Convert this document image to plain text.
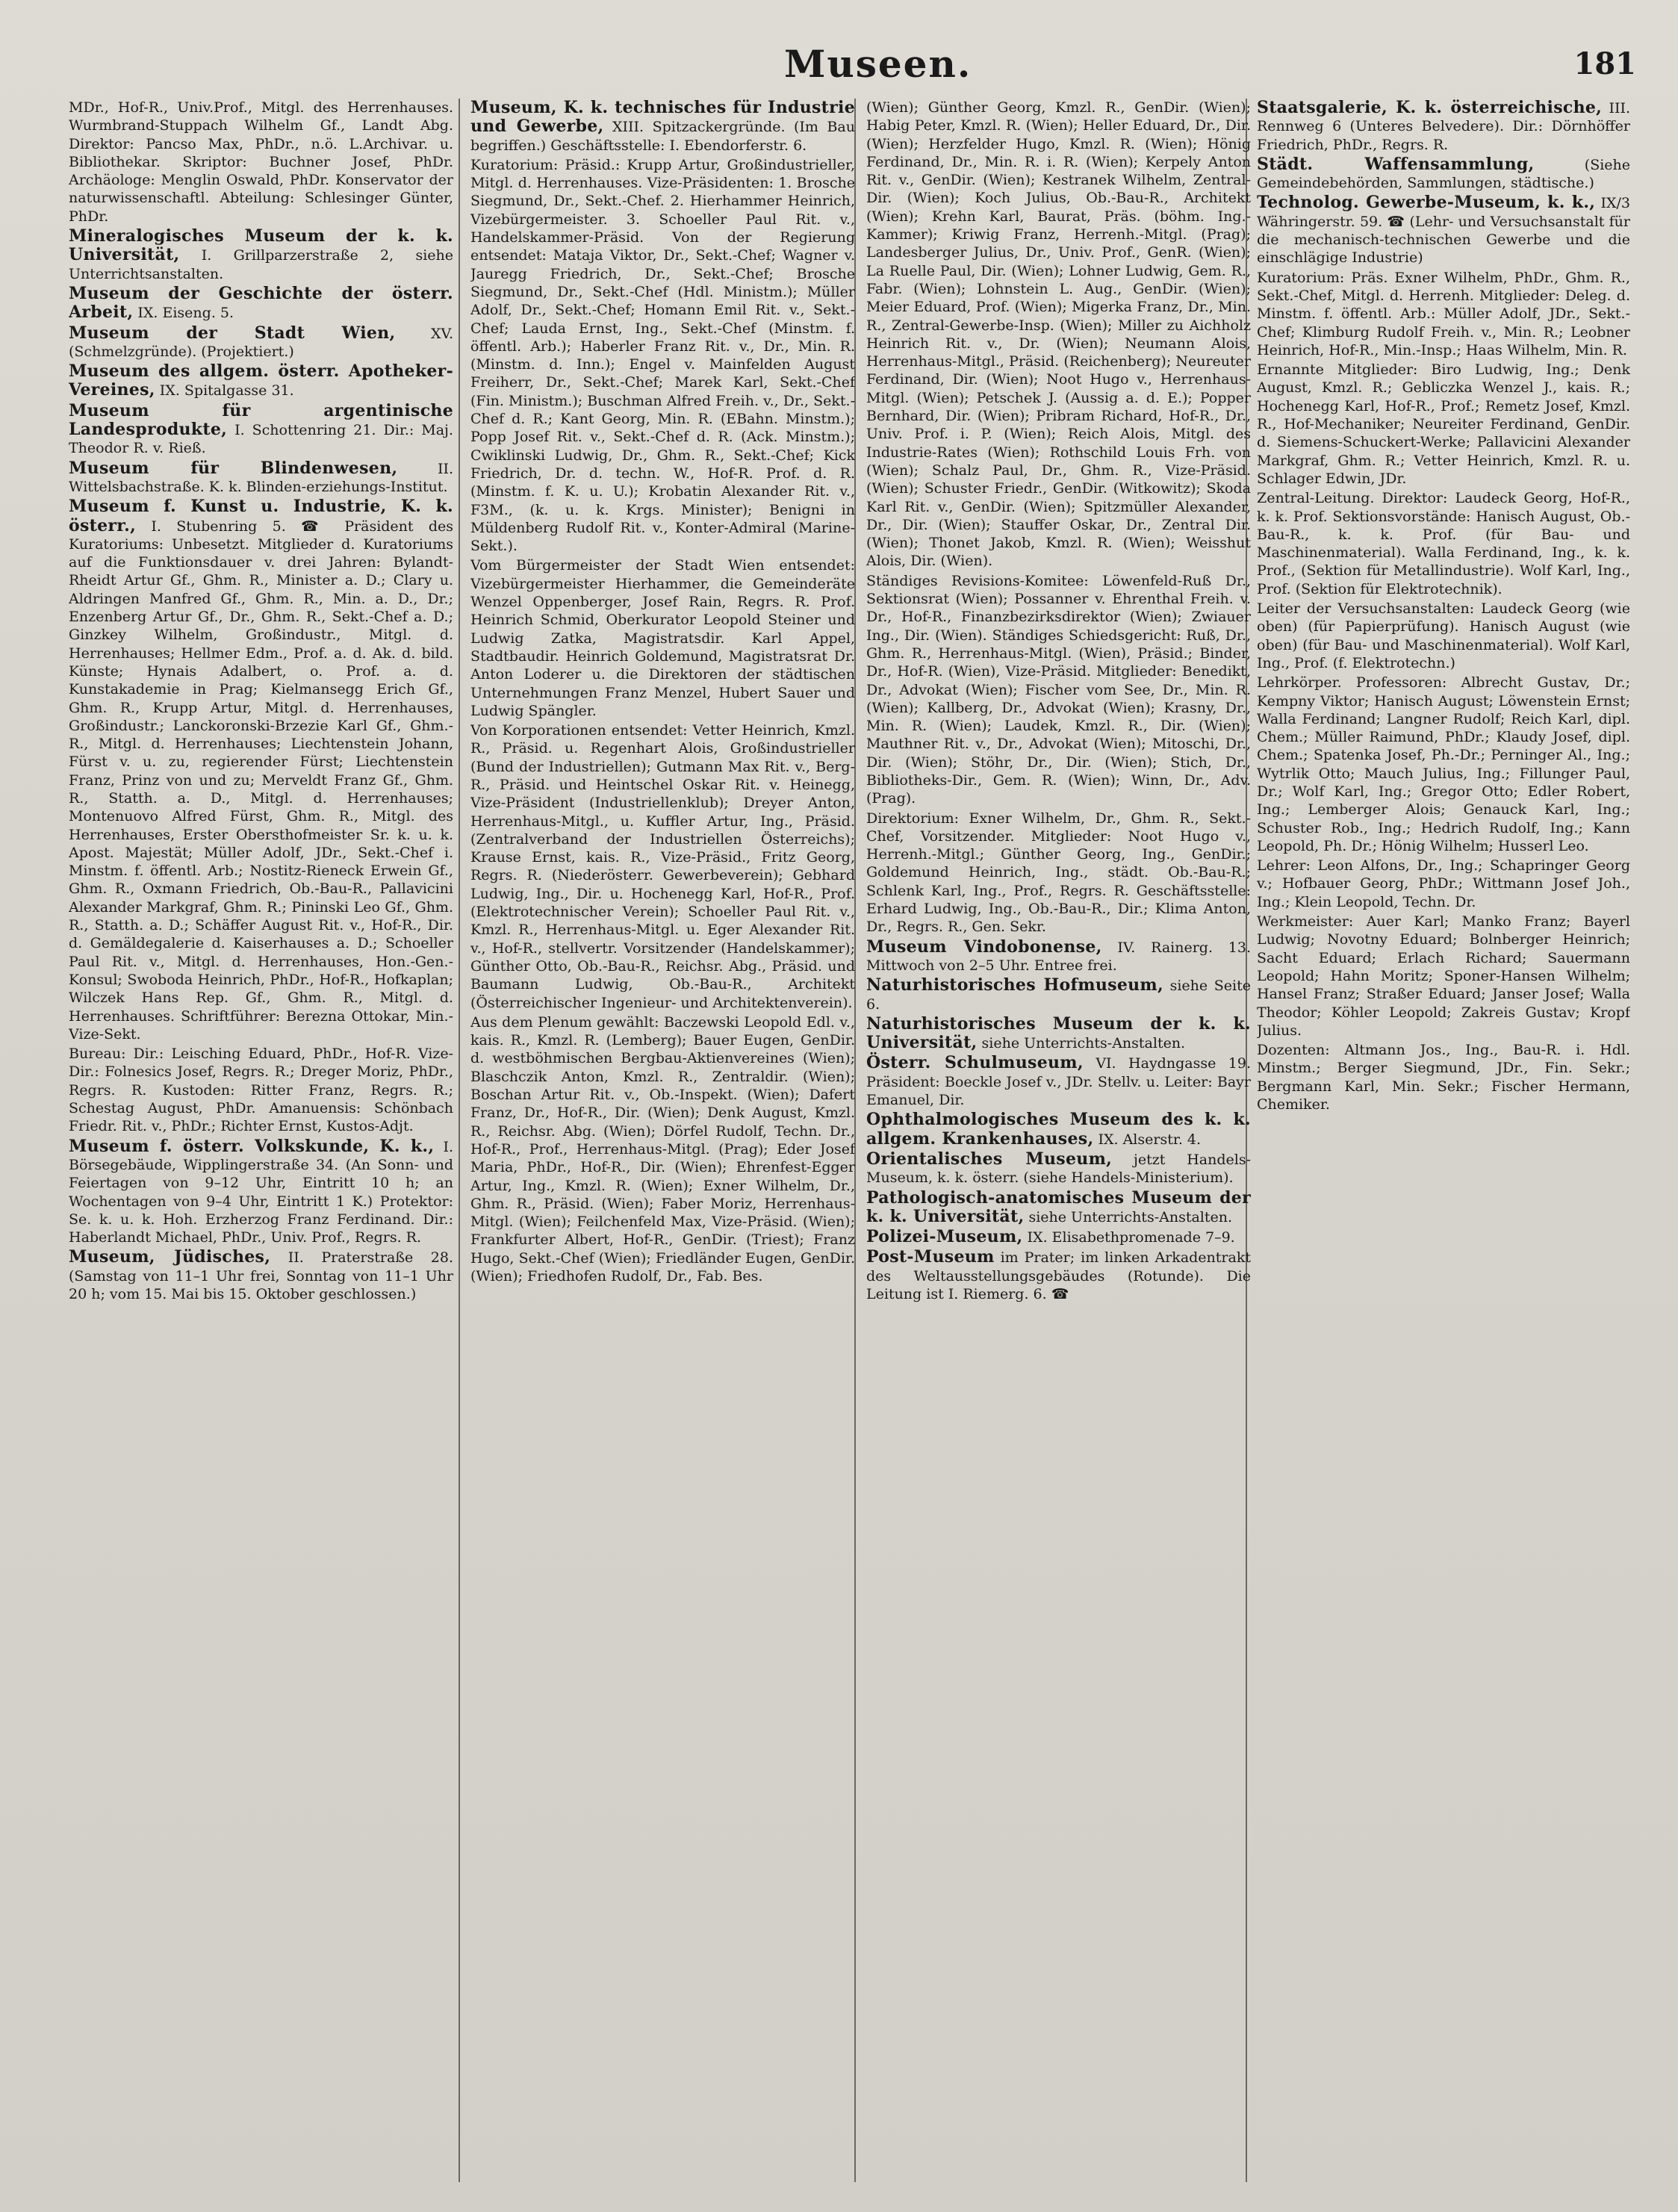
Museen.	181

MDr., Hof-R., Univ.Prof., Mitgl. des Herrenhauses. Wurmbrand-Stuppach Wilhelm Gf., Landt Abg. Direktor: Pancso Max, PhDr., n.ö. L.Archivar. u. Bibliothekar. Skriptor: Buchner Josef, PhDr. Archäologe: Menglin Oswald, PhDr. Konservator der naturwissenschaftl. Abteilung: Schlesinger Günter, PhDr.

Mineralogisches Museum der k. k. Universität, I. Grillparzerstraße 2, siehe Unterrichtsanstalten.

Museum der Geschichte der österr. Arbeit, IX. Eiseng. 5.

Museum der Stadt Wien,	XV. (Schmelzgründe). (Projektiert.)

Museum des allgem. österr. Apotheker-Vereines, IX. Spitalgasse 31.

Museum für argentinische Landesprodukte, I. Schottenring 21. Dir.: Maj. Theodor R. v. Rieß.

Museum für Blindenwesen,	II. Wittelsbachstraße. K. k. Blinden-erziehungs-Institut.

Museum f. Kunst u. Industrie, K. k. österr., I. Stubenring 5. ☎ Präsident des Kuratoriums: Unbesetzt. Mitglieder d. Kuratoriums auf die Funktionsdauer v. drei Jahren: Bylandt-Rheidt Artur Gf., Ghm. R., Minister a. D.; Clary u. Aldringen Manfred Gf., Ghm. R., Min. a. D., Dr.; Enzenberg Artur Gf., Dr., Ghm. R., Sekt.-Chef a. D.; Ginzkey Wilhelm, Großindustr., Mitgl. d. Herrenhauses; Hellmer Edm., Prof. a. d. Ak. d. bild. Künste; Hynais Adalbert, o. Prof. a. d. Kunstakademie in Prag; Kielmansegg Erich Gf., Ghm. R., Krupp Artur, Mitgl. d. Herrenhauses, Großindustr.; Lanckoronski-Brzezie Karl Gf., Ghm.-R., Mitgl. d. Herrenhauses; Liechtenstein Johann, Fürst v. u. zu, regierender Fürst; Liechtenstein Franz, Prinz von und zu; Merveldt Franz Gf., Ghm. R., Statth. a. D., Mitgl. d. Herrenhauses; Montenuovo Alfred Fürst, Ghm. R., Mitgl. des Herrenhauses, Erster Obersthofmeister Sr. k. u. k. Apost. Majestät; Müller Adolf, JDr., Sekt.-Chef i. Minstm. f. öffentl. Arb.; Nostitz-Rieneck Erwein Gf., Ghm. R., Oxmann Friedrich, Ob.-Bau-R., Pallavicini Alexander Markgraf, Ghm. R.; Pininski Leo Gf., Ghm. R., Statth. a. D.; Schäffer August Rit. v., Hof-R., Dir. d. Gemäldegalerie d. Kaiserhauses a. D.; Schoeller Paul Rit. v., Mitgl. d. Herrenhauses, Hon.-Gen.-Konsul; Swoboda Heinrich, PhDr., Hof-R., Hofkaplan; Wilczek Hans Rep. Gf., Ghm. R., Mitgl. d. Herrenhauses. Schriftführer: Berezna Ottokar, Min.-Vize-Sekt.

Bureau: Dir.: Leisching Eduard, PhDr., Hof-R. Vize-Dir.: Folnesics Josef, Regrs. R.; Dreger Moriz, PhDr., Regrs. R. Kustoden: Ritter Franz, Regrs. R.; Schestag August, PhDr. Amanuensis: Schönbach Friedr. Rit. v., PhDr.; Richter Ernst, Kustos-Adjt.

Museum f. österr. Volkskunde, K. k., I. Börsegebäude, Wipplingerstraße 34. (An Sonn- und Feiertagen von 9–12 Uhr, Eintritt 10 h; an Wochentagen von 9–4 Uhr, Eintritt 1 K.) Protektor: Se. k. u. k. Hoh. Erzherzog Franz Ferdinand. Dir.: Haberlandt Michael, PhDr., Univ. Prof., Regrs. R.

Museum, Jüdisches, II. Praterstraße 28. (Samstag von 11–1 Uhr frei, Sonntag von 11–1 Uhr 20 h; vom 15. Mai bis 15. Oktober geschlossen.)

Museum, K. k. technisches für Industrie und Gewerbe, XIII. Spitzackergründe. (Im Bau begriffen.) Geschäftsstelle: I. Ebendorferstr. 6.

Kuratorium: Präsid.: Krupp Artur, Großindustrieller, Mitgl. d. Herrenhauses. Vize-Präsidenten: 1. Brosche Siegmund, Dr., Sekt.-Chef. 2. Hierhammer Heinrich, Vizebürgermeister. 3. Schoeller Paul Rit. v., Handelskammer-Präsid. Von der Regierung entsendet: Mataja Viktor, Dr., Sekt.-Chef; Wagner v. Jauregg Friedrich, Dr., Sekt.-Chef; Brosche Siegmund, Dr., Sekt.-Chef (Hdl. Ministm.); Müller Adolf, Dr., Sekt.-Chef; Homann Emil Rit. v., Sekt.-Chef; Lauda Ernst, Ing., Sekt.-Chef (Minstm. f. öffentl. Arb.); Haberler Franz Rit. v., Dr., Min. R. (Minstm. d. Inn.); Engel v. Mainfelden August Freiherr, Dr., Sekt.-Chef; Marek Karl, Sekt.-Chef (Fin. Ministm.); Buschman Alfred Freih. v., Dr., Sekt.-Chef d. R.; Kant Georg, Min. R. (EBahn. Minstm.); Popp Josef Rit. v., Sekt.-Chef d. R. (Ack. Minstm.); Cwiklinski Ludwig, Dr., Ghm. R., Sekt.-Chef; Kick Friedrich, Dr. d. techn. W., Hof-R. Prof. d. R. (Minstm. f. K. u. U.); Krobatin Alexander Rit. v., F3M., (k. u. k. Krgs. Minister); Benigni in Müldenberg Rudolf Rit. v., Konter-Admiral (Marine-Sekt.).

Vom Bürgermeister der Stadt Wien entsendet: Vizebürgermeister Hierhammer, die Gemeinderäte Wenzel Oppenberger, Josef Rain, Regrs. R. Prof. Heinrich Schmid, Oberkurator Leopold Steiner und Ludwig Zatka, Magistratsdir. Karl Appel, Stadtbaudir. Heinrich Goldemund, Magistratsrat Dr. Anton Loderer u. die Direktoren der städtischen Unternehmungen Franz Menzel, Hubert Sauer und Ludwig Spängler.

Von Korporationen entsendet: Vetter Heinrich, Kmzl. R., Präsid. u. Regenhart Alois, Großindustrieller (Bund der Industriellen); Gutmann Max Rit. v., Berg-R., Präsid. und Heintschel Oskar Rit. v. Heinegg, Vize-Präsident (Industriellenklub); Dreyer Anton, Herrenhaus-Mitgl., u. Kuffler Artur, Ing., Präsid. (Zentralverband der Industriellen Österreichs); Krause Ernst, kais. R., Vize-Präsid., Fritz Georg, Regrs. R. (Niederösterr. Gewerbeverein); Gebhard Ludwig, Ing., Dir. u. Hochenegg Karl, Hof-R., Prof. (Elektrotechnischer Verein); Schoeller Paul Rit. v., Kmzl. R., Herrenhaus-Mitgl. u. Eger Alexander Rit. v., Hof-R., stellvertr. Vorsitzender (Handelskammer); Günther Otto, Ob.-Bau-R., Reichsr. Abg., Präsid. und Baumann Ludwig, Ob.-Bau-R., Architekt (Österreichischer Ingenieur- und Architektenverein).

Aus dem Plenum gewählt: Baczewski Leopold Edl. v., kais. R., Kmzl. R. (Lemberg); Bauer Eugen, GenDir. d. westböhmischen Bergbau-Aktienvereines (Wien); Blaschczik Anton, Kmzl. R., Zentraldir. (Wien); Boschan Artur Rit. v., Ob.-Inspekt. (Wien); Dafert Franz, Dr., Hof-R., Dir. (Wien); Denk August, Kmzl. R., Reichsr. Abg. (Wien); Dörfel Rudolf, Techn. Dr., Hof-R., Prof., Herrenhaus-Mitgl. (Prag); Eder Josef Maria, PhDr., Hof-R., Dir. (Wien); Ehrenfest-Egger Artur, Ing., Kmzl. R. (Wien); Exner Wilhelm, Dr., Ghm. R., Präsid. (Wien); Faber Moriz, Herrenhaus-Mitgl. (Wien); Feilchenfeld Max, Vize-Präsid. (Wien); Frankfurter Albert, Hof-R., GenDir. (Triest); Franz Hugo, Sekt.-Chef (Wien); Friedländer Eugen, GenDir. (Wien); Friedhofen Rudolf, Dr., Fab. Bes.

(Wien); Günther Georg, Kmzl. R., GenDir. (Wien); Habig Peter, Kmzl. R. (Wien); Heller Eduard, Dr., Dir. (Wien); Herzfelder Hugo, Kmzl. R. (Wien); Hönig Ferdinand, Dr., Min. R. i. R. (Wien); Kerpely Anton Rit. v., GenDir. (Wien); Kestranek Wilhelm, Zentral-Dir. (Wien); Koch Julius, Ob.-Bau-R., Architekt (Wien); Krehn Karl, Baurat, Präs. (böhm. Ing.-Kammer); Kriwig Franz, Herrenh.-Mitgl. (Prag); Landesberger Julius, Dr., Univ. Prof., GenR. (Wien); La Ruelle Paul, Dir. (Wien); Lohner Ludwig, Gem. R., Fabr. (Wien); Lohnstein L. Aug., GenDir. (Wien); Meier Eduard, Prof. (Wien); Migerka Franz, Dr., Min. R., Zentral-Gewerbe-Insp. (Wien); Miller zu Aichholz Heinrich Rit. v., Dr. (Wien); Neumann Alois, Herrenhaus-Mitgl., Präsid. (Reichenberg); Neureuter Ferdinand, Dir. (Wien); Noot Hugo v., Herrenhaus-Mitgl. (Wien); Petschek J. (Aussig a. d. E.); Popper Bernhard, Dir. (Wien); Pribram Richard, Hof-R., Dr., Univ. Prof. i. P. (Wien); Reich Alois, Mitgl. des Industrie-Rates (Wien); Rothschild Louis Frh. von (Wien); Schalz Paul, Dr., Ghm. R., Vize-Präsid. (Wien); Schuster Friedr., GenDir. (Witkowitz); Skoda Karl Rit. v., GenDir. (Wien); Spitzmüller Alexander, Dr., Dir. (Wien); Stauffer Oskar, Dr., Zentral Dir. (Wien); Thonet Jakob, Kmzl. R. (Wien); Weisshut Alois, Dir. (Wien).

Ständiges Revisions-Komitee: Löwenfeld-Ruß Dr., Sektionsrat (Wien); Possanner v. Ehrenthal Freih. v. Dr., Hof-R., Finanzbezirksdirektor (Wien); Zwiauer Ing., Dir. (Wien). Ständiges Schiedsgericht: Ruß, Dr., Ghm. R., Herrenhaus-Mitgl. (Wien), Präsid.; Binder, Dr., Hof-R. (Wien), Vize-Präsid. Mitglieder: Benedikt, Dr., Advokat (Wien); Fischer vom See, Dr., Min. R. (Wien); Kallberg, Dr., Advokat (Wien); Krasny, Dr., Min. R. (Wien); Laudek, Kmzl. R., Dir. (Wien); Mauthner Rit. v., Dr., Advokat (Wien); Mitoschi, Dr., Dir. (Wien); Stöhr, Dr., Dir. (Wien); Stich, Dr., Bibliotheks-Dir., Gem. R. (Wien); Winn, Dr., Adv. (Prag).

Direktorium: Exner Wilhelm, Dr., Ghm. R., Sekt.-Chef, Vorsitzender. Mitglieder: Noot Hugo v., Herrenh.-Mitgl.; Günther Georg, Ing., GenDir.; Goldemund Heinrich, Ing., städt. Ob.-Bau-R.; Schlenk Karl, Ing., Prof., Regrs. R. Geschäftsstelle: Erhard Ludwig, Ing., Ob.-Bau-R., Dir.; Klima Anton, Dr., Regrs. R., Gen. Sekr.

Museum Vindobonense, IV. Rainerg. 13. Mittwoch von 2–5 Uhr. Entree frei.

Naturhistorisches Hofmuseum, siehe Seite 6.

Naturhistorisches Museum der k. k. Universität, siehe Unterrichts-Anstalten.

Österr. Schulmuseum, VI. Haydngasse 19. Präsident: Boeckle Josef v., JDr. Stellv. u. Leiter: Bayr Emanuel, Dir.

Ophthalmologisches Museum des k. k. allgem. Krankenhauses, IX. Alserstr. 4.

Orientalisches Museum, jetzt Handels-Museum, k. k. österr. (siehe Handels-Ministerium).

Pathologisch-anatomisches Museum der k. k. Universität, siehe Unterrichts-Anstalten.

Polizei-Museum, IX. Elisabethpromenade 7–9.

Post-Museum im Prater; im linken Arkadentrakt des Weltausstellungsgebäudes (Rotunde). Die Leitung ist I. Riemerg. 6. ☎

Staatsgalerie, K. k. österreichische, III. Rennweg 6 (Unteres Belvedere). Dir.: Dörnhöffer Friedrich, PhDr., Regrs. R.

Städt. Waffensammlung,	(Siehe Gemeindebehörden, Sammlungen, städtische.)

Technolog. Gewerbe-Museum, k. k., IX/3 Währingerstr. 59. ☎ (Lehr- und Versuchsanstalt für die mechanisch-technischen Gewerbe und die einschlägige Industrie)

Kuratorium: Präs. Exner Wilhelm, PhDr., Ghm. R., Sekt.-Chef, Mitgl. d. Herrenh. Mitglieder: Deleg. d. Minstm. f. öffentl. Arb.: Müller Adolf, JDr., Sekt.-Chef; Klimburg Rudolf Freih. v., Min. R.; Leobner Heinrich, Hof-R., Min.-Insp.; Haas Wilhelm, Min. R.

Ernannte Mitglieder: Biro Ludwig, Ing.; Denk August, Kmzl. R.; Gebliczka Wenzel J., kais. R.; Hochenegg Karl, Hof-R., Prof.; Remetz Josef, Kmzl. R., Hof-Mechaniker; Neureiter Ferdinand, GenDir. d. Siemens-Schuckert-Werke; Pallavicini Alexander Markgraf, Ghm. R.; Vetter Heinrich, Kmzl. R. u. Schlager Edwin, JDr.

Zentral-Leitung. Direktor: Laudeck Georg, Hof-R., k. k. Prof. Sektionsvorstände: Hanisch August, Ob.-Bau-R., k. k. Prof. (für Bau- und Maschinenmaterial). Walla Ferdinand, Ing., k. k. Prof., (Sektion für Metallindustrie). Wolf Karl, Ing., Prof. (Sektion für Elektrotechnik).

Leiter der Versuchsanstalten: Laudeck Georg (wie oben) (für Papierprüfung). Hanisch August (wie oben) (für Bau- und Maschinenmaterial). Wolf Karl, Ing., Prof. (f. Elektrotechn.)

Lehrkörper. Professoren: Albrecht Gustav, Dr.; Kempny Viktor; Hanisch August; Löwenstein Ernst; Walla Ferdinand; Langner Rudolf; Reich Karl, dipl. Chem.; Müller Raimund, PhDr.; Klaudy Josef, dipl. Chem.; Spatenka Josef, Ph.-Dr.; Perninger Al., Ing.; Wytrlik Otto; Mauch Julius, Ing.; Fillunger Paul, Dr.; Wolf Karl, Ing.; Gregor Otto; Edler Robert, Ing.; Lemberger Alois; Genauck Karl, Ing.; Schuster Rob., Ing.; Hedrich Rudolf, Ing.; Kann Leopold, Ph. Dr.; Hönig Wilhelm; Husserl Leo.

Lehrer: Leon Alfons, Dr., Ing.; Schapringer Georg v.; Hofbauer Georg, PhDr.; Wittmann Josef Joh., Ing.; Klein Leopold, Techn. Dr.

Werkmeister: Auer Karl; Manko Franz; Bayerl Ludwig; Novotny Eduard; Bolnberger Heinrich; Sacht Eduard; Erlach Richard; Sauermann Leopold; Hahn Moritz; Sponer-Hansen Wilhelm; Hansel Franz; Straßer Eduard; Janser Josef; Walla Theodor; Köhler Leopold; Zakreis Gustav; Kropf Julius.

Dozenten: Altmann Jos., Ing., Bau-R. i. Hdl. Minstm.; Berger Siegmund, JDr., Fin. Sekr.; Bergmann Karl, Min. Sekr.; Fischer Hermann, Chemiker.
